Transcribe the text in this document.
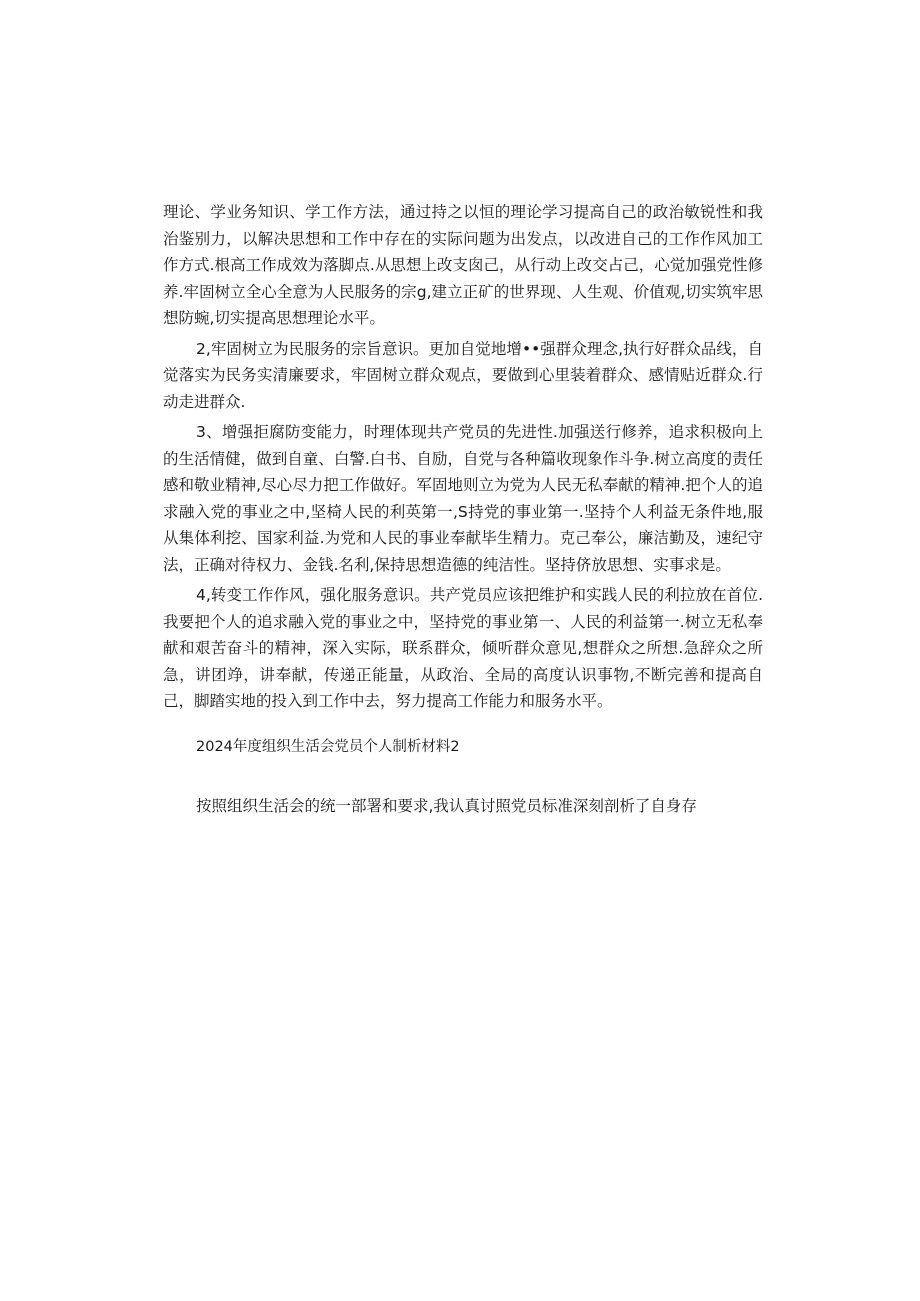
理论、学业务知识、学工作方法，通过持之以恒的理论学习提高自己的政治敏锐性和我治鉴别力，以解决思想和工作中存在的实际问题为出发点，以改进自己的工作作风加工作方式.根高工作成效为落脚点.从思想上改支囱己，从行动上改交占己，心觉加强党性修养.牢固树立全心全意为人民服务的宗g,建立正矿的世界现、人生观、价值观,切实筑牢思想防蜿,切实提高思想理论水平。

2,牢固树立为民服务的宗旨意识。更加自觉地增••强群众理念,执行好群众品线，自觉落实为民务实清廉要求，牢固树立群众观点，要做到心里装着群众、感情贴近群众.行动走进群众.

3、增强拒腐防变能力，时理体现共产党员的先进性.加强送行修养，追求积极向上的生活情健，做到自童、白警.白书、自励，自党与各种篇收现象作斗争.树立高度的责任感和敬业精神,尽心尽力把工作做好。军固地则立为党为人民无私奉献的精神.把个人的追求融入党的事业之中,坚椅人民的利英第一,S持党的事业第一.坚持个人利益无条件地,服从集体利挖、国家利益.为党和人民的事业奉献毕生精力。克己奉公，廉洁勤及，速纪守法，正确对待权力、金钱.名利,保持思想造德的纯洁性。坚持侪放思想、实事求是。

4,转变工作作风，强化服务意识。共产党员应该把维护和实践人民的利拉放在首位.我要把个人的追求融入党的事业之中，坚持党的事业第一、人民的利益第一.树立无私奉献和艰苦奋斗的精神，深入实际，联系群众，倾听群众意见,想群众之所想.急辞众之所急，讲团竫，讲奉献，传递正能量，从政治、全局的高度认识事物,不断完善和提高自己，脚踏实地的投入到工作中去，努力提高工作能力和服务水平。

2024年度组织生活会党员个人制析材料2

按照组织生活会的统一部署和要求,我认真讨照党员标准深刻剖析了自身存
